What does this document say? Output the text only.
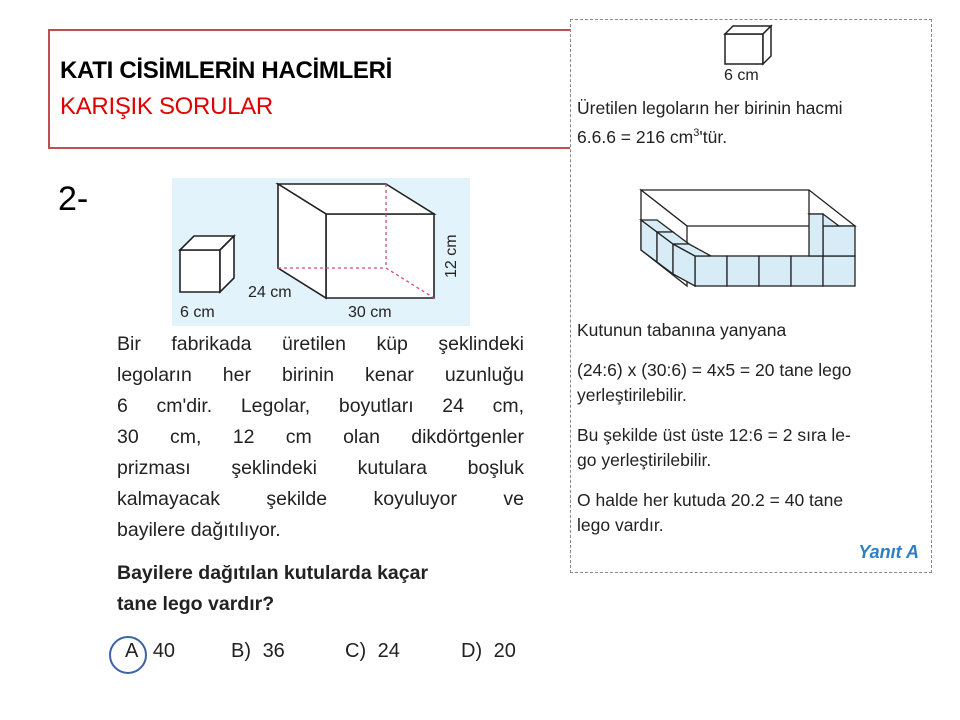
KATI CİSİMLERİN HACİMLERİ
KARIŞIK SORULAR
2-
6 cm
24 cm
30 cm
12 cm
Bir fabrikada üretilen küp şeklindeki
legoların her birinin kenar uzunluğu
6 cm'dir. Legolar, boyutları 24 cm,
30 cm, 12 cm olan dikdörtgenler
prizması şeklindeki kutulara boşluk
kalmayacak şekilde koyuluyor ve
bayilere dağıtılıyor.
Bayilere dağıtılan kutularda kaçar
tane lego vardır?
A 40	B) 36	C) 24	D) 20
6 cm
Üretilen legoların her birinin hacmi
6.6.6 = 216 $cm^3'tür$.
Kutunun tabanına yanyana
(24:6) x (30:6) = 4x5 = 20 tane lego
yerleştirilebilir.
Bu şekilde üst üste 12:6 = 2 sıra le-
go yerleştirilebilir.
O halde her kutuda 20.2 = 40 tane
lego vardır.
Yanıt A
